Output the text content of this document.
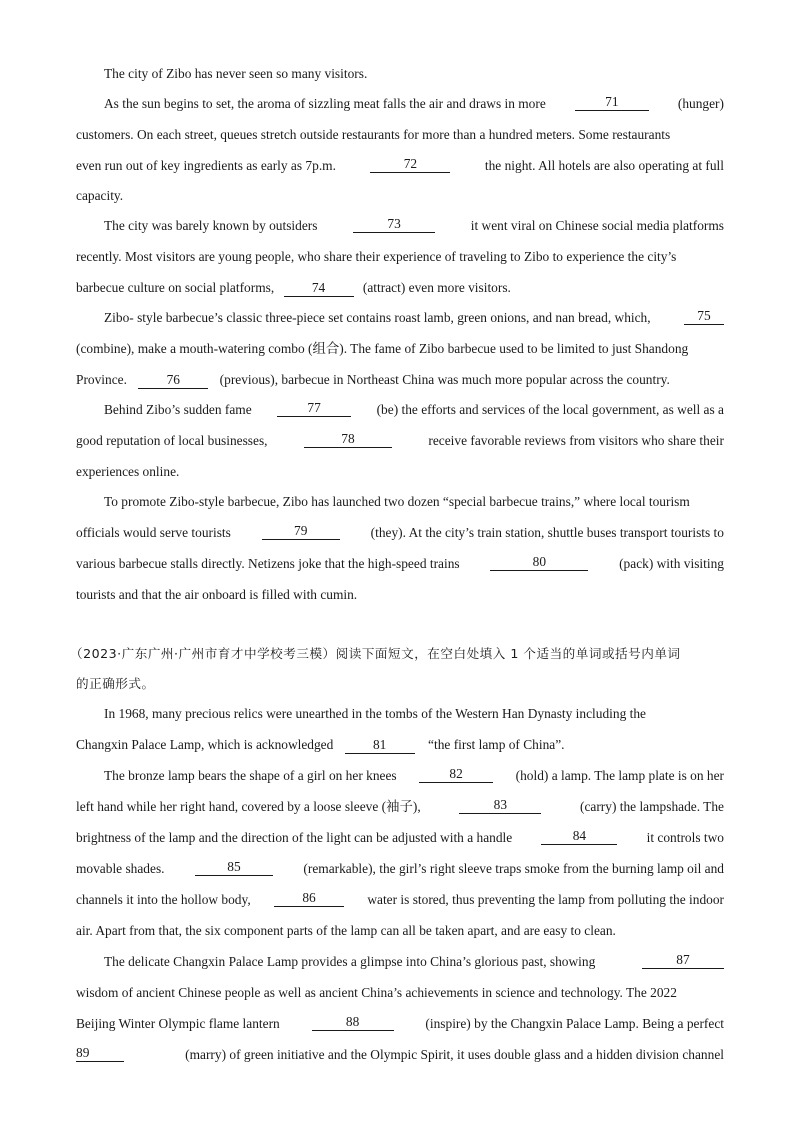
The city of Zibo has never seen so many visitors.
As the sun begins to set, the aroma of sizzling meat falls the air and draws in more	71	(hunger)
customers. On each street, queues stretch outside restaurants for more than a hundred meters. Some restaurants
even run out of key ingredients as early as 7p.m.	72	the night. All hotels are also operating at full
capacity.
The city was barely known by outsiders	73	it went viral on Chinese social media platforms
recently. Most visitors are young people, who share their experience of traveling to Zibo to experience the city’s
barbecue culture on social platforms,	74	(attract) even more visitors.
Zibo- style barbecue’s classic three-piece set contains roast lamb, green onions, and nan bread, which,	75
(combine), make a mouth-watering combo (组合). The fame of Zibo barbecue used to be limited to just Shandong
Province.	76	(previous), barbecue in Northeast China was much more popular across the country.
Behind Zibo’s sudden fame	77	(be) the efforts and services of the local government, as well as a
good reputation of local businesses,	78	receive favorable reviews from visitors who share their
experiences online.
To promote Zibo-style barbecue, Zibo has launched two dozen “special barbecue trains,” where local tourism
officials would serve tourists	79	(they). At the city’s train station, shuttle buses transport tourists to
various barbecue stalls directly. Netizens joke that the high-speed trains	80	(pack) with visiting
tourists and that the air onboard is filled with cumin.
（2023·广东广州·广州市育才中学校考三模）阅读下面短文，在空白处填入 1 个适当的单词或括号内单词
的正确形式。
In 1968, many precious relics were unearthed in the tombs of the Western Han Dynasty including the
Changxin Palace Lamp, which is acknowledged	81	“the first lamp of China”.
The bronze lamp bears the shape of a girl on her knees	82	(hold) a lamp. The lamp plate is on her
left hand while her right hand, covered by a loose sleeve (袖子),	83	(carry) the lampshade. The
brightness of the lamp and the direction of the light can be adjusted with a handle	84	it controls two
movable shades.	85	(remarkable), the girl’s right sleeve traps smoke from the burning lamp oil and
channels it into the hollow body,	86	water is stored, thus preventing the lamp from polluting the indoor
air. Apart from that, the six component parts of the lamp can all be taken apart, and are easy to clean.
The delicate Changxin Palace Lamp provides a glimpse into China’s glorious past, showing	87
wisdom of ancient Chinese people as well as ancient China’s achievements in science and technology. The 2022
Beijing Winter Olympic flame lantern	88	(inspire) by the Changxin Palace Lamp. Being a perfect
89	(marry) of green initiative and the Olympic Spirit, it uses double glass and a hidden division channel
